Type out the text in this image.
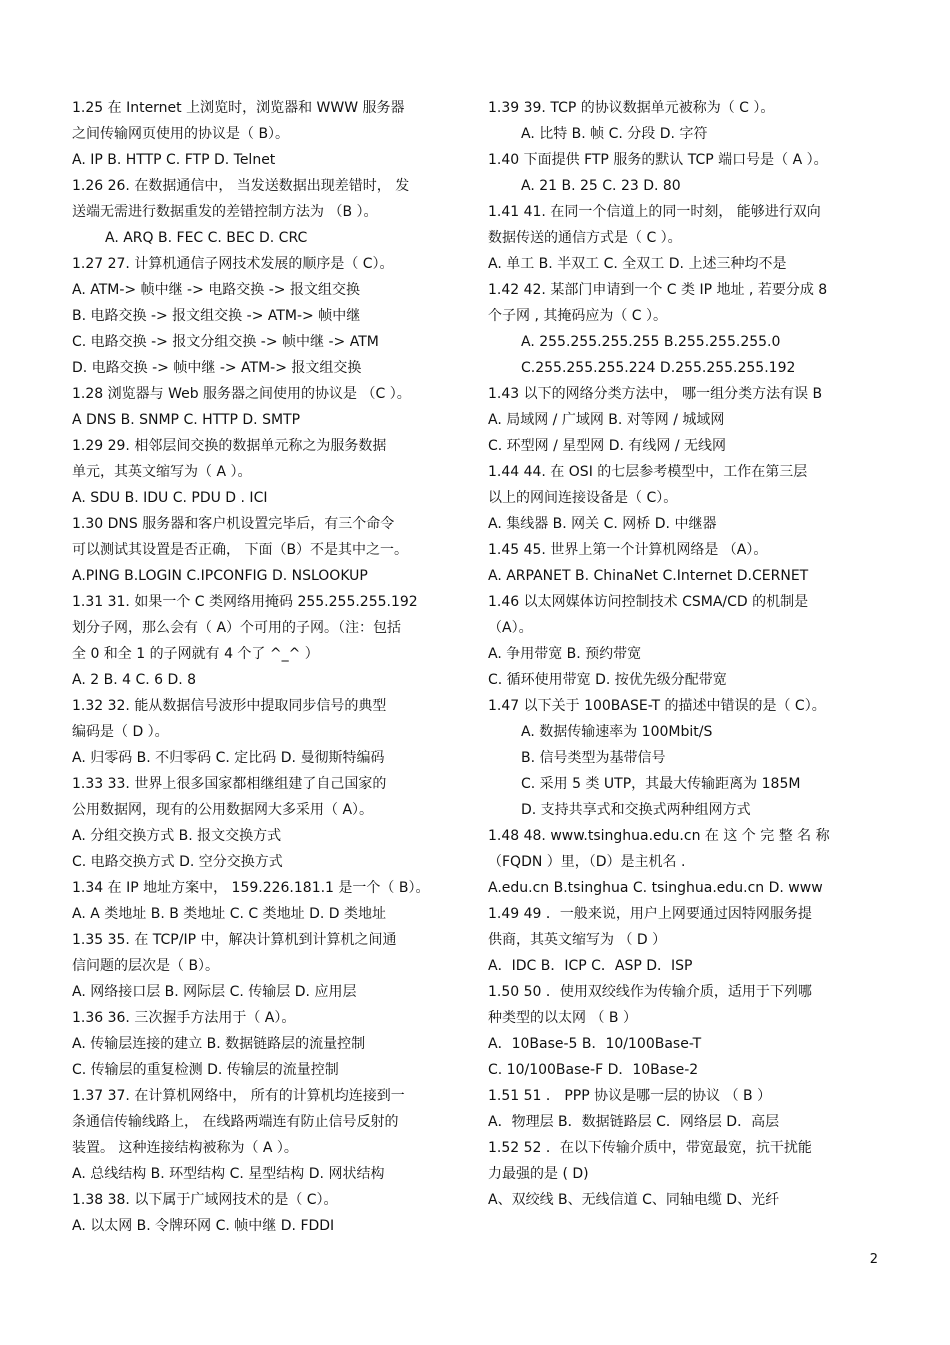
1.25 在 Internet 上浏览时，浏览器和 WWW 服务器
之间传输网页使用的协议是（ B）。
A. IP B. HTTP C. FTP D. Telnet
1.26 26. 在数据通信中， 当发送数据出现差错时， 发
送端无需进行数据重发的差错控制方法为 （B ）。
A. ARQ B. FEC C. BEC D. CRC
1.27 27. 计算机通信子网技术发展的顺序是（ C）。
A. ATM-> 帧中继 -> 电路交换 -> 报文组交换
B. 电路交换 -> 报文组交换 -> ATM-> 帧中继
C. 电路交换 -> 报文分组交换 -> 帧中继 -> ATM
D. 电路交换 -> 帧中继 -> ATM-> 报文组交换
1.28 浏览器与 Web 服务器之间使用的协议是 （C ）。
A DNS B. SNMP C. HTTP D. SMTP
1.29 29. 相邻层间交换的数据单元称之为服务数据
单元，其英文缩写为（ A ）。
A. SDU B. IDU C. PDU D . ICI
1.30 DNS 服务器和客户机设置完毕后，有三个命令
可以测试其设置是否正确， 下面（B）不是其中之一。
A.PING B.LOGIN C.IPCONFIG D. NSLOOKUP
1.31 31. 如果一个 C 类网络用掩码 255.255.255.192
划分子网，那么会有（ A）个可用的子网。（注：包括
全 0 和全 1 的子网就有 4 个了 ^_^ ）
A. 2 B. 4 C. 6 D. 8
1.32 32. 能从数据信号波形中提取同步信号的典型
编码是（ D ）。
A. 归零码 B. 不归零码 C. 定比码 D. 曼彻斯特编码
1.33 33. 世界上很多国家都相继组建了自己国家的
公用数据网，现有的公用数据网大多采用（ A）。
A. 分组交换方式 B. 报文交换方式
C. 电路交换方式 D. 空分交换方式
1.34 在 IP 地址方案中， 159.226.181.1 是一个（ B）。
A. A 类地址 B. B 类地址 C. C 类地址 D. D 类地址
1.35 35. 在 TCP/IP 中，解决计算机到计算机之间通
信问题的层次是（ B）。
A. 网络接口层 B. 网际层 C. 传输层 D. 应用层
1.36 36. 三次握手方法用于（ A）。
A. 传输层连接的建立 B. 数据链路层的流量控制
C. 传输层的重复检测 D. 传输层的流量控制
1.37 37. 在计算机网络中， 所有的计算机均连接到一
条通信传输线路上， 在线路两端连有防止信号反射的
装置。 这种连接结构被称为（ A ）。
A. 总线结构 B. 环型结构 C. 星型结构 D. 网状结构
1.38 38. 以下属于广域网技术的是（ C）。
A. 以太网 B. 令牌环网 C. 帧中继 D. FDDI
1.39 39. TCP 的协议数据单元被称为（ C ）。
A. 比特 B. 帧 C. 分段 D. 字符
1.40 下面提供 FTP 服务的默认 TCP 端口号是（ A ）。
A. 21 B. 25 C. 23 D. 80
1.41 41. 在同一个信道上的同一时刻， 能够进行双向
数据传送的通信方式是（ C ）。
A. 单工 B. 半双工 C. 全双工 D. 上述三种均不是
1.42 42. 某部门申请到一个 C 类 IP 地址 , 若要分成 8
个子网 , 其掩码应为（ C ）。
A. 255.255.255.255 B.255.255.255.0
C.255.255.255.224 D.255.255.255.192
1.43 以下的网络分类方法中， 哪一组分类方法有误 B
A. 局域网 / 广域网 B. 对等网 / 城域网
C. 环型网 / 星型网 D. 有线网 / 无线网
1.44 44. 在 OSI 的七层参考模型中，工作在第三层
以上的网间连接设备是（ C）。
A. 集线器 B. 网关 C. 网桥 D. 中继器
1.45 45. 世界上第一个计算机网络是 （A）。
A. ARPANET B. ChinaNet C.Internet D.CERNET
1.46 以太网媒体访问控制技术 CSMA/CD 的机制是
（A）。
A. 争用带宽 B. 预约带宽
C. 循环使用带宽 D. 按优先级分配带宽
1.47 以下关于 100BASE-T 的描述中错误的是（ C）。
A. 数据传输速率为 100Mbit/S
B. 信号类型为基带信号
C. 采用 5 类 UTP，其最大传输距离为 185M
D. 支持共享式和交换式两种组网方式
1.48 48. www.tsinghua.edu.cn 在 这 个 完 整 名 称
（FQDN ）里，（D）是主机名 .
A.edu.cn B.tsinghua C. tsinghua.edu.cn D. www
1.49 49 ．一般来说，用户上网要通过因特网服务提
供商，其英文缩写为 （ D ）
A．IDC B．ICP C．ASP D．ISP
1.50 50 ．使用双绞线作为传输介质，适用于下列哪
种类型的以太网 （ B ）
A．10Base-5 B．10/100Base-T
C. 10/100Base-F D．10Base-2
1.51 51 ． PPP 协议是哪一层的协议 （ B ）
A．物理层 B．数据链路层 C．网络层 D．高层
1.52 52 ．在以下传输介质中，带宽最宽，抗干扰能
力最强的是 ( D)
A、双绞线 B、无线信道 C、同轴电缆 D、光纤
2
